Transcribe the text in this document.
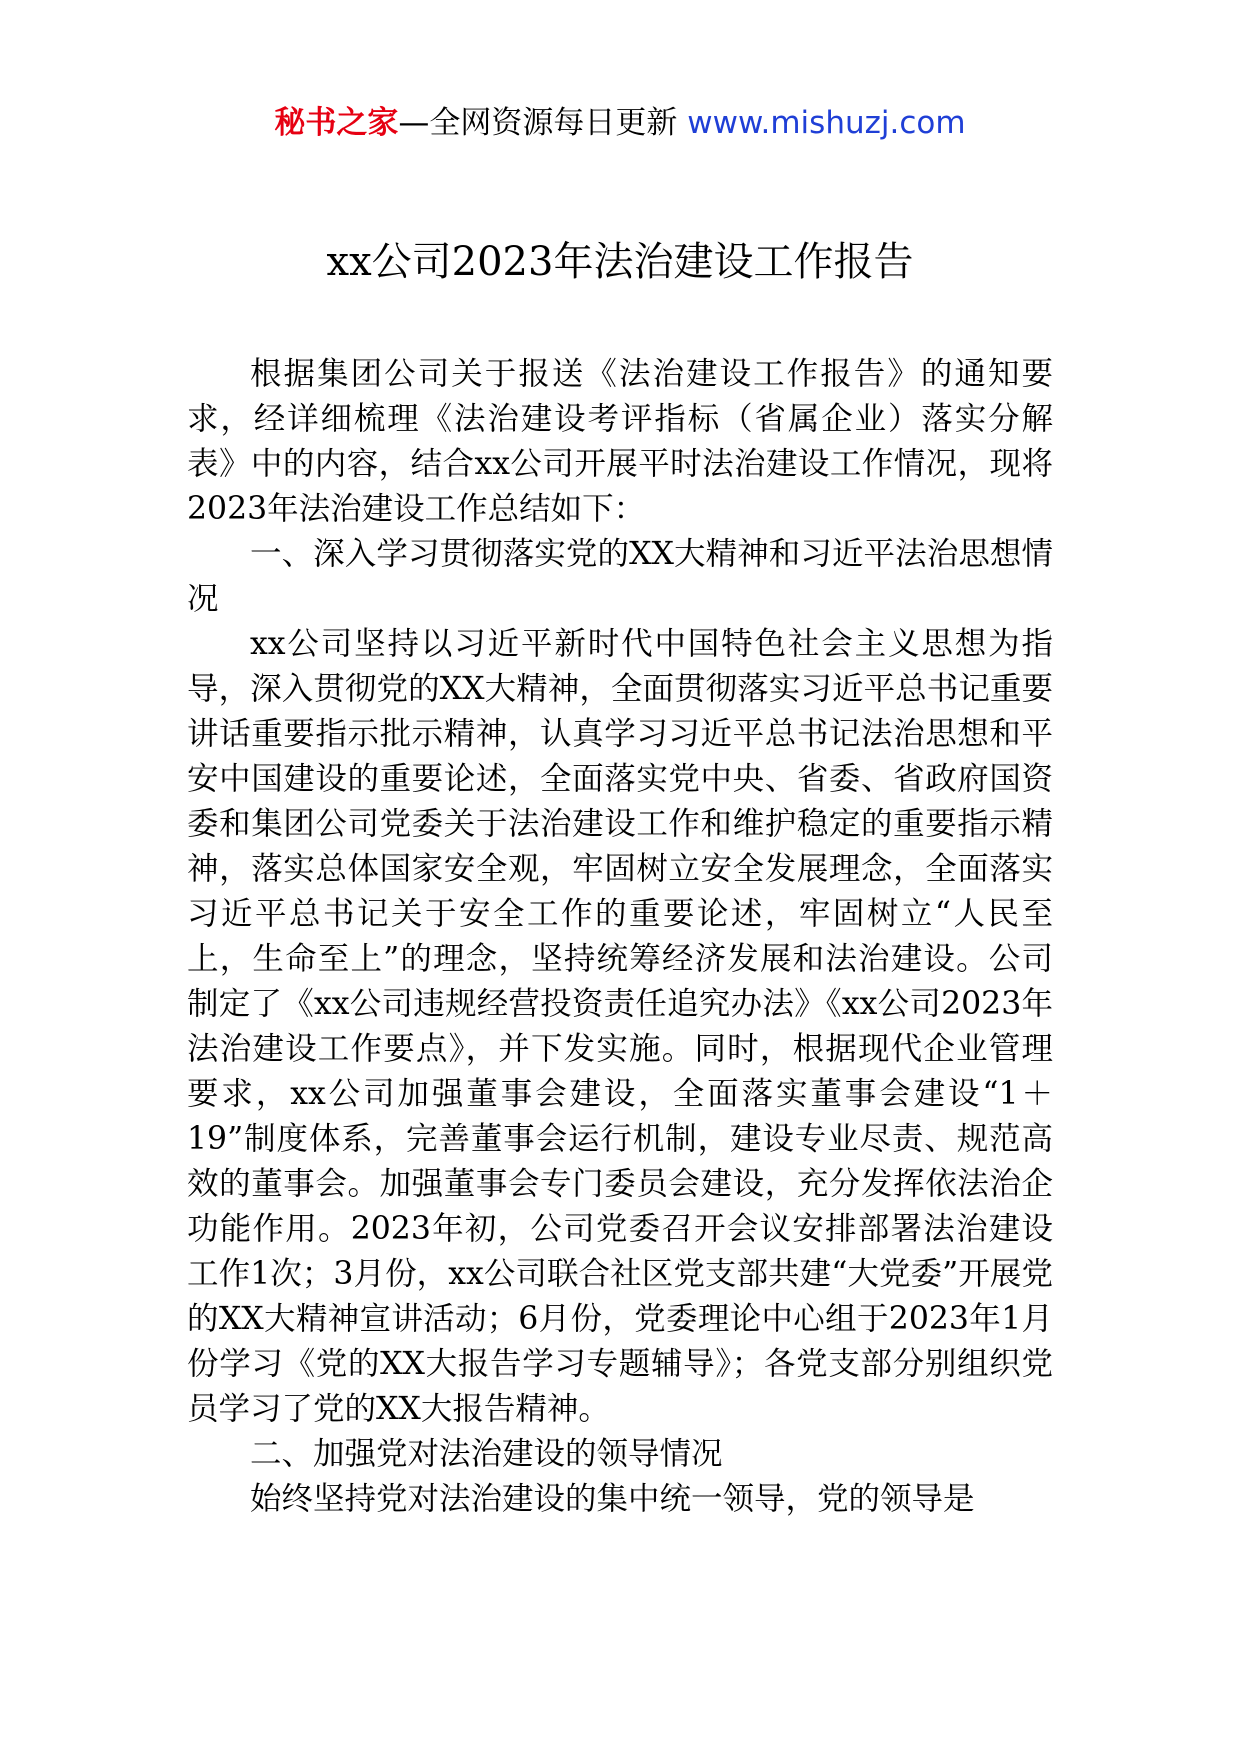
秘书之家—全网资源每日更新 www.mishuzj.com
xx公司2023年法治建设工作报告

根据集团公司关于报送《法治建设工作报告》的通知要求，经详细梳理《法治建设考评指标（省属企业）落实分解表》中的内容，结合xx公司开展平时法治建设工作情况，现将2023年法治建设工作总结如下：

一、深入学习贯彻落实党的XX大精神和习近平法治思想情况

xx公司坚持以习近平新时代中国特色社会主义思想为指导，深入贯彻党的XX大精神，全面贯彻落实习近平总书记重要讲话重要指示批示精神，认真学习习近平总书记法治思想和平安中国建设的重要论述，全面落实党中央、省委、省政府国资委和集团公司党委关于法治建设工作和维护稳定的重要指示精神，落实总体国家安全观，牢固树立安全发展理念，全面落实习近平总书记关于安全工作的重要论述，牢固树立“人民至上，生命至上”的理念，坚持统筹经济发展和法治建设。公司制定了《xx公司违规经营投资责任追究办法》《xx公司2023年法治建设工作要点》，并下发实施。同时，根据现代企业管理要求，xx公司加强董事会建设，全面落实董事会建设“1＋19”制度体系，完善董事会运行机制，建设专业尽责、规范高效的董事会。加强董事会专门委员会建设，充分发挥依法治企功能作用。2023年初，公司党委召开会议安排部署法治建设工作1次；3月份，xx公司联合社区党支部共建“大党委”开展党的XX大精神宣讲活动；6月份，党委理论中心组于2023年1月份学习《党的XX大报告学习专题辅导》；各党支部分别组织党员学习了党的XX大报告精神。

二、加强党对法治建设的领导情况

始终坚持党对法治建设的集中统一领导，党的领导是
